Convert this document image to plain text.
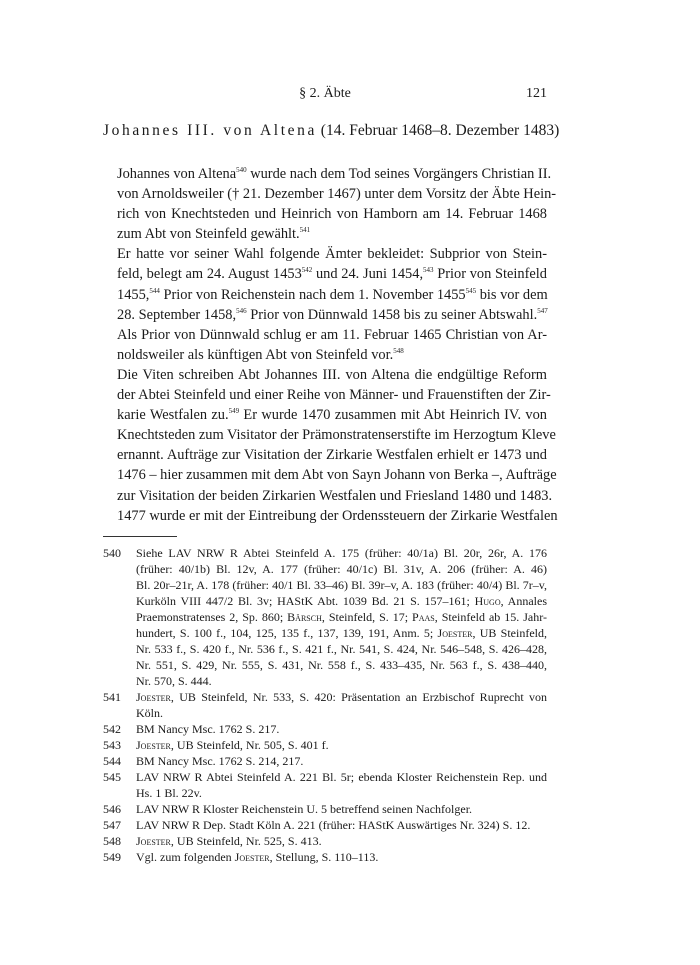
§ 2. Äbte	121
Johannes III. von Altena (14. Februar 1468–8. Dezember 1483)

Johannes von Altena$^{540}$ wurde nach dem Tod seines Vorgängers Christian II.
von Arnoldsweiler († 21. Dezember 1467) unter dem Vorsitz der Äbte Hein-
rich von Knechtsteden und Heinrich von Hamborn am 14. Februar 1468
zum Abt von Steinfeld gewählt.$^{541}$

Er hatte vor seiner Wahl folgende Ämter bekleidet: Subprior von Stein-
feld, belegt am 24. August 1453$^{542}$ und 24. Juni 1454,$^{543}$ Prior von Steinfeld
1455,$^{544}$ Prior von Reichenstein nach dem 1. November 1455$^{545}$ bis vor dem
28. September 1458,$^{546}$ Prior von Dünnwald 1458 bis zu seiner Abtswahl.$^{547}$
Als Prior von Dünnwald schlug er am 11. Februar 1465 Christian von Ar-
noldsweiler als künftigen Abt von Steinfeld vor.$^{548}$

Die Viten schreiben Abt Johannes III. von Altena die endgültige Reform
der Abtei Steinfeld und einer Reihe von Männer- und Frauenstiften der Zir-
karie Westfalen zu.$^{549}$ Er wurde 1470 zusammen mit Abt Heinrich IV. von
Knechtsteden zum Visitator der Prämonstratenserstifte im Herzogtum Kleve
ernannt. Aufträge zur Visitation der Zirkarie Westfalen erhielt er 1473 und
1476 – hier zusammen mit dem Abt von Sayn Johann von Berka –, Aufträge
zur Visitation der beiden Zirkarien Westfalen und Friesland 1480 und 1483.
1477 wurde er mit der Eintreibung der Ordenssteuern der Zirkarie Westfalen

540	Siehe LAV NRW R Abtei Steinfeld A. 175 (früher: 40/1a) Bl. 20r, 26r, A. 176
(früher: 40/1b) Bl. 12v, A. 177 (früher: 40/1c) Bl. 31v, A. 206 (früher: A. 46)
Bl. 20r–21r, A. 178 (früher: 40/1 Bl. 33–46) Bl. 39r–v, A. 183 (früher: 40/4) Bl. 7r–v,
Kurköln VIII 447/2 Bl. 3v; HAStK Abt. 1039 Bd. 21 S. 157–161; Hugo, Annales
Praemonstratenses 2, Sp. 860; Bärsch, Steinfeld, S. 17; Paas, Steinfeld ab 15. Jahr-
hundert, S. 100 f., 104, 125, 135 f., 137, 139, 191, Anm. 5; Joester, UB Steinfeld,
Nr. 533 f., S. 420 f., Nr. 536 f., S. 421 f., Nr. 541, S. 424, Nr. 546–548, S. 426–428,
Nr. 551, S. 429, Nr. 555, S. 431, Nr. 558 f., S. 433–435, Nr. 563 f., S. 438–440,
Nr. 570, S. 444.
541	Joester, UB Steinfeld, Nr. 533, S. 420: Präsentation an Erzbischof Ruprecht von
Köln.
542	BM Nancy Msc. 1762 S. 217.
543	Joester, UB Steinfeld, Nr. 505, S. 401 f.
544	BM Nancy Msc. 1762 S. 214, 217.
545	LAV NRW R Abtei Steinfeld A. 221 Bl. 5r; ebenda Kloster Reichenstein Rep. und
Hs. 1 Bl. 22v.
546	LAV NRW R Kloster Reichenstein U. 5 betreffend seinen Nachfolger.
547	LAV NRW R Dep. Stadt Köln A. 221 (früher: HAStK Auswärtiges Nr. 324) S. 12.
548	Joester, UB Steinfeld, Nr. 525, S. 413.
549	Vgl. zum folgenden Joester, Stellung, S. 110–113.
